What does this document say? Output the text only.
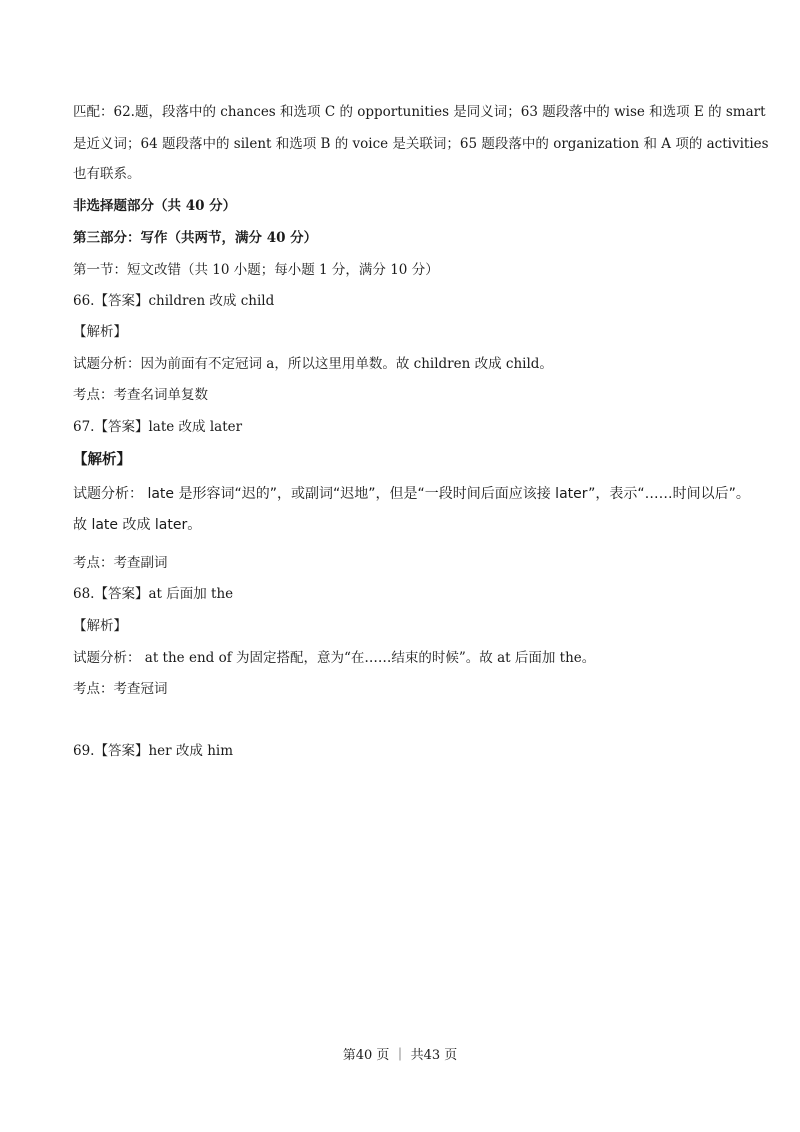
匹配：62.题，段落中的 chances 和选项 C 的 opportunities 是同义词；63 题段落中的 wise 和选项 E 的 smart
是近义词；64 题段落中的 silent 和选项 B 的 voice 是关联词；65 题段落中的 organization 和 A 项的 activities
也有联系。
非选择题部分（共 40 分）
第三部分：写作（共两节，满分 40 分）
第一节：短文改错（共 10 小题；每小题 1 分，满分 10 分）
66.【答案】children 改成 child
【解析】
试题分析：因为前面有不定冠词 a，所以这里用单数。故 children 改成 child。
考点：考查名词单复数
67.【答案】late 改成 later
【解析】
试题分析： late 是形容词“迟的”，或副词“迟地”，但是“一段时间后面应该接 later”，表示“……时间以后”。
故 late 改成 later。
考点：考查副词
68.【答案】at 后面加 the
【解析】
试题分析： at the end of 为固定搭配，意为“在……结束的时候”。故 at 后面加 the。
考点：考查冠词
69.【答案】her 改成 him
第40 页 ｜ 共43 页
